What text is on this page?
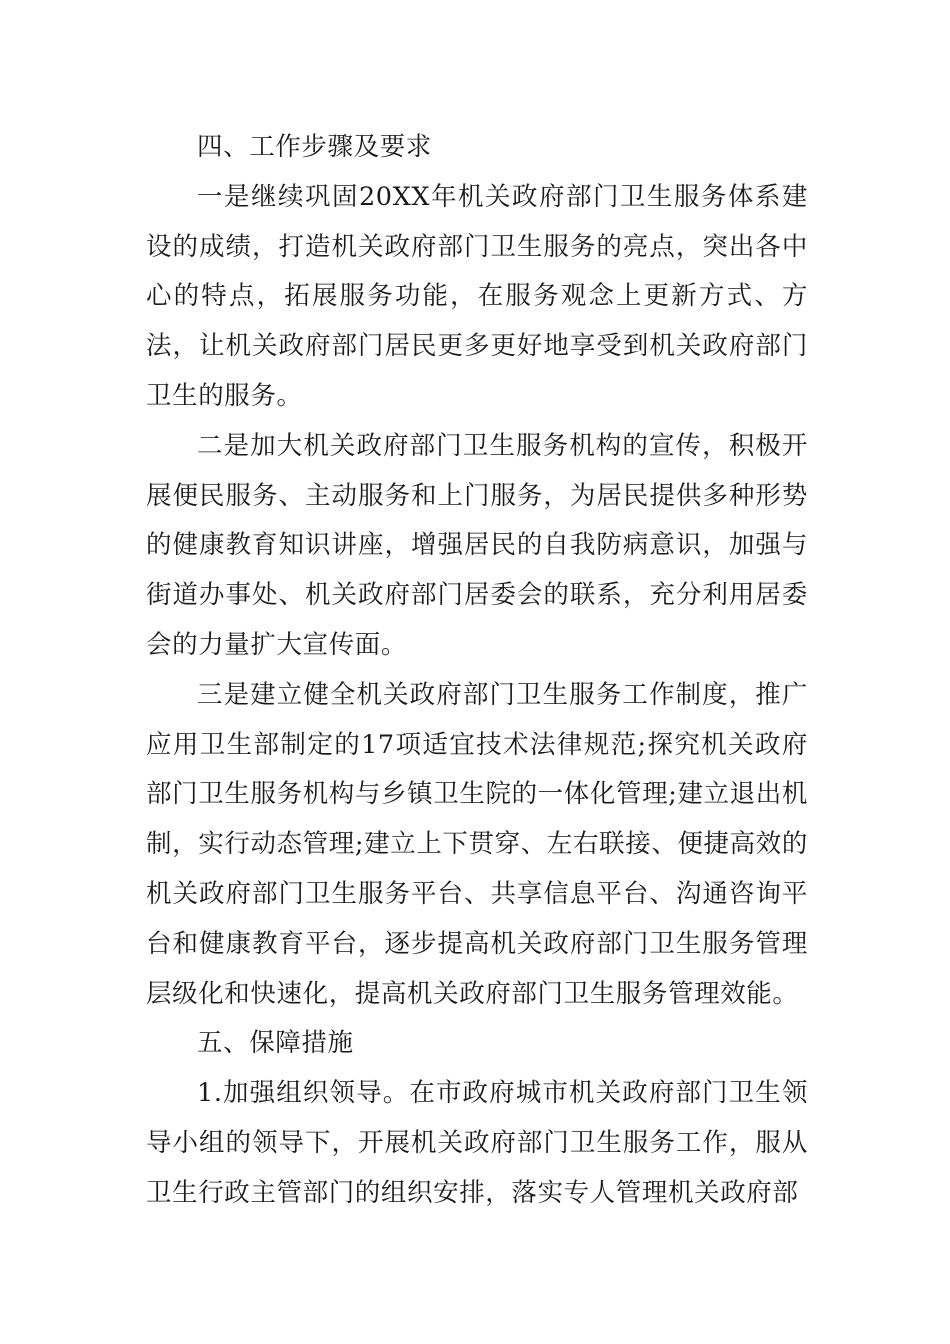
四、工作步骤及要求

一是继续巩固20XX年机关政府部门卫生服务体系建设的成绩，打造机关政府部门卫生服务的亮点，突出各中心的特点，拓展服务功能，在服务观念上更新方式、方法，让机关政府部门居民更多更好地享受到机关政府部门卫生的服务。

二是加大机关政府部门卫生服务机构的宣传，积极开展便民服务、主动服务和上门服务，为居民提供多种形势的健康教育知识讲座，增强居民的自我防病意识，加强与街道办事处、机关政府部门居委会的联系，充分利用居委会的力量扩大宣传面。

三是建立健全机关政府部门卫生服务工作制度，推广应用卫生部制定的17项适宜技术法律规范;探究机关政府部门卫生服务机构与乡镇卫生院的一体化管理;建立退出机制，实行动态管理;建立上下贯穿、左右联接、便捷高效的机关政府部门卫生服务平台、共享信息平台、沟通咨询平台和健康教育平台，逐步提高机关政府部门卫生服务管理层级化和快速化，提高机关政府部门卫生服务管理效能。

五、保障措施

1.加强组织领导。在市政府城市机关政府部门卫生领导小组的领导下，开展机关政府部门卫生服务工作，服从卫生行政主管部门的组织安排，落实专人管理机关政府部
